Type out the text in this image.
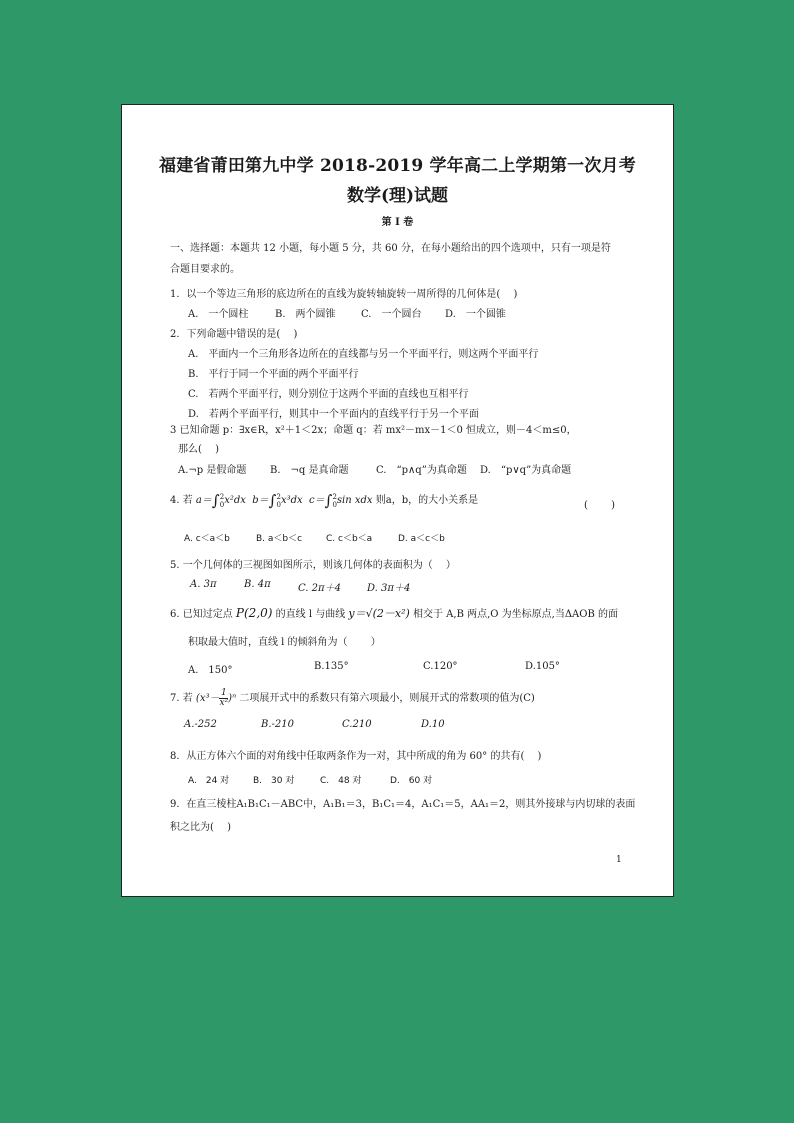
福建省莆田第九中学 2018-2019 学年高二上学期第一次月考
数学(理)试题
第 Ⅰ 卷
一、选择题：本题共 12 小题，每小题 5 分，共 60 分，在每小题给出的四个选项中，只有一项是符
合题目要求的。
1．以一个等边三角形的底边所在的直线为旋转轴旋转一周所得的几何体是(　 )
A.　一个圆柱	B.　两个圆锥	C.　一个圆台 D.　一个圆锥
2．下列命题中错误的是(　 )
A.　平面内一个三角形各边所在的直线都与另一个平面平行，则这两个平面平行
B.　平行于同一个平面的两个平面平行
C.　若两个平面平行，则分别位于这两个平面的直线也互相平行
D.　若两个平面平行，则其中一个平面内的直线平行于另一个平面
3 已知命题 p：∃x∈R，x²＋1＜2x；命题 q：若 mx²－mx－1＜0 恒成立，则－4＜m≤0，
那么(　 )
A.¬p 是假命题 B.　¬q 是真命题	C.　“p∧q”为真命题 D.　“p∨q”为真命题
4. 若 a＝∫ 2
0 x²dx b＝∫ 2
0 x³dx c＝∫ 2
0 sin xdx 则a，b，的大小关系是	(　　 )
A. c＜a＜b	B. a＜b＜c	C. c＜b＜a	D. a＜c＜b
5. 一个几何体的三视图如图所示，则该几何体的表面积为（　 ）
A. 3π	B. 4π	C. 2π＋4	D. 3π＋4
6. 已知过定点 P(2,0) 的直线 l 与曲线 y＝√(2－x²) 相交于 A,B 两点,O 为坐标原点,当ΔAOB 的面
积取最大值时，直线 l 的倾斜角为（　　 ）
A.　150°	B.135°	C.120°	D.105°
7. 若 $(x^3- \frac{1}{\text{x²}} )^n$ 二项展开式中的系数只有第六项最小，则展开式的常数项的值为(C)
A.-252	B.-210	C.210	D.10
8．从正方体六个面的对角线中任取两条作为一对，其中所成的角为 60° 的共有(　 )
A.　24 对	B.　30 对	C.　48 对	D.　60 对
9．在直三棱柱A₁B₁C₁－ABC中，A₁B₁＝3，B₁C₁＝4，A₁C₁＝5，AA₁＝2，则其外接球与内切球的表面
积之比为(　 )
1
